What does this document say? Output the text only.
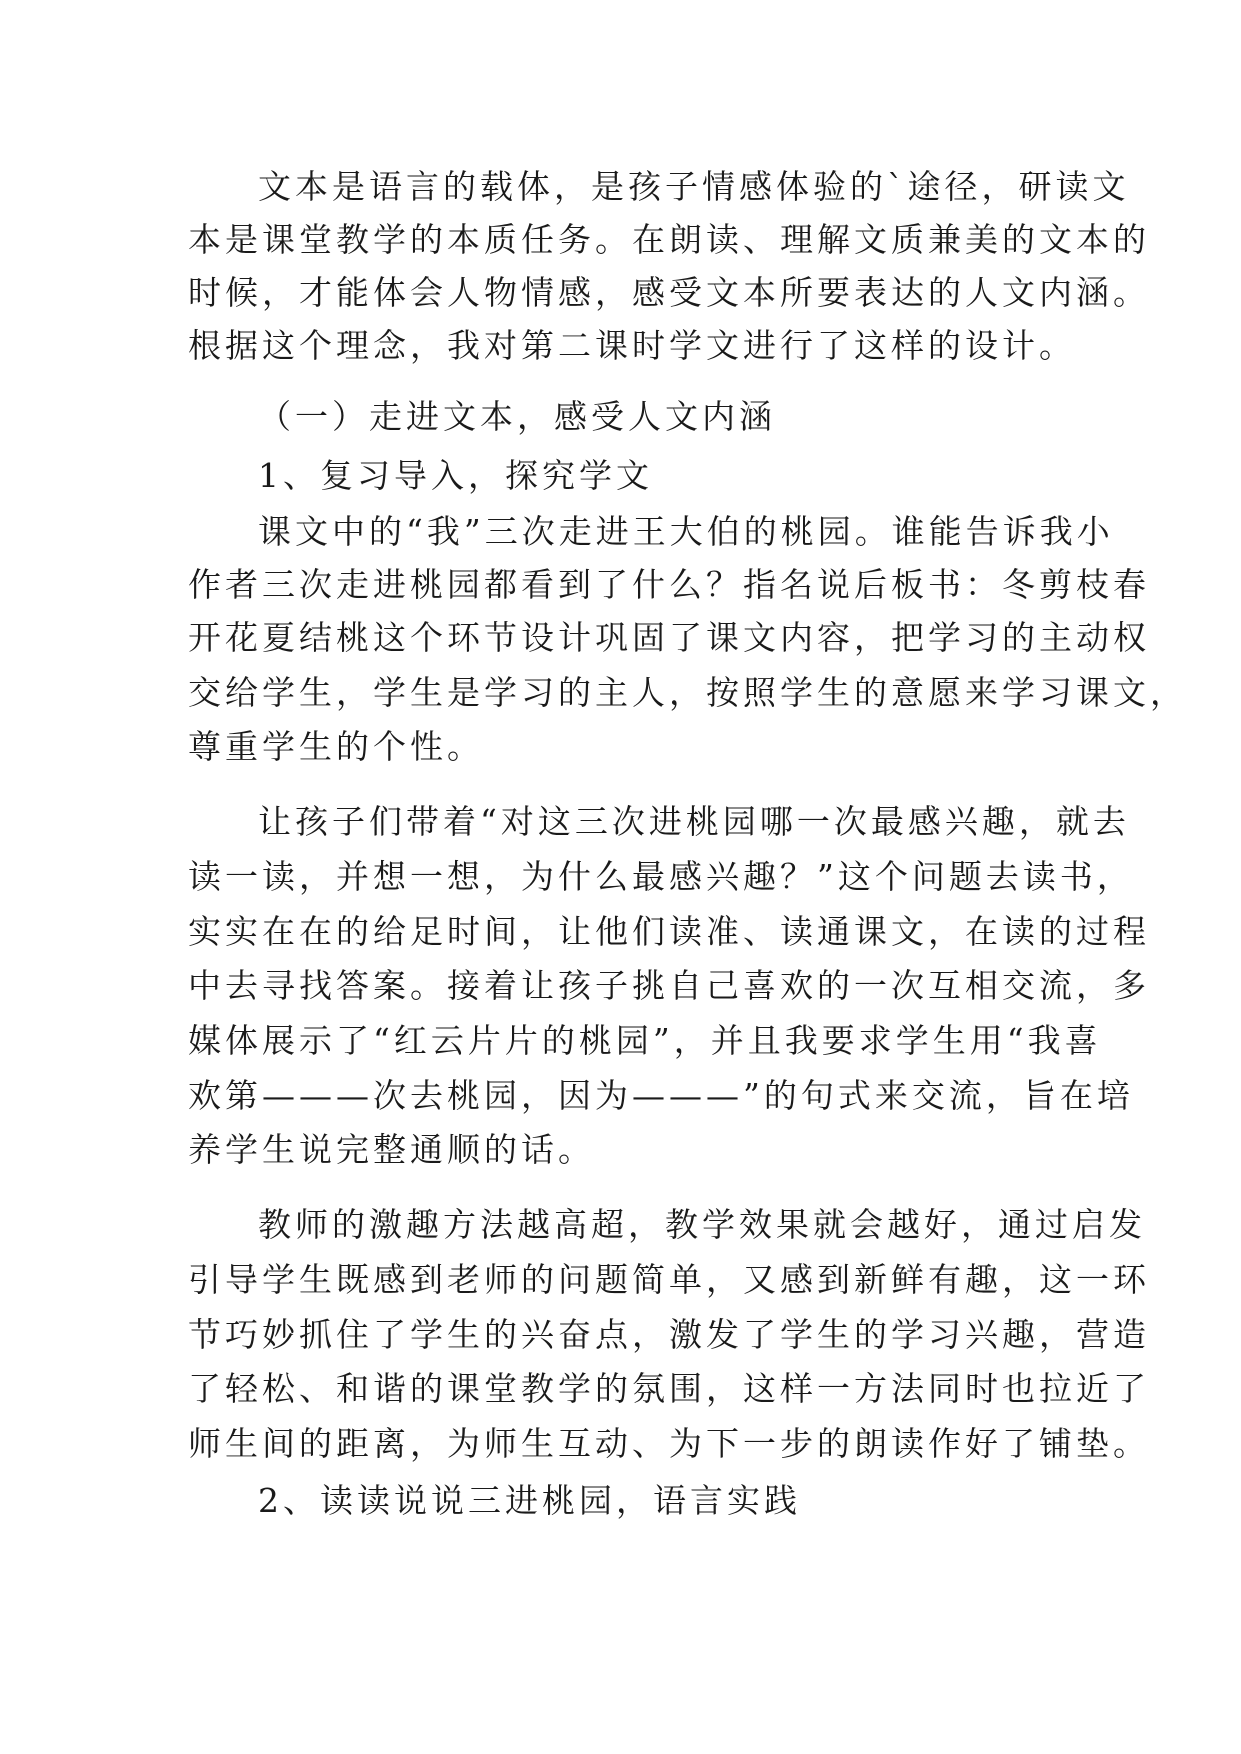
文本是语言的载体，是孩子情感体验的`途径，研读文
本是课堂教学的本质任务。在朗读、理解文质兼美的文本的
时候，才能体会人物情感，感受文本所要表达的人文内涵。
根据这个理念，我对第二课时学文进行了这样的设计。
（一）走进文本，感受人文内涵
1、复习导入，探究学文
课文中的“我”三次走进王大伯的桃园。谁能告诉我小
作者三次走进桃园都看到了什么？指名说后板书：冬剪枝春
开花夏结桃这个环节设计巩固了课文内容，把学习的主动权
交给学生，学生是学习的主人，按照学生的意愿来学习课文，
尊重学生的个性。
让孩子们带着“对这三次进桃园哪一次最感兴趣，就去
读一读，并想一想，为什么最感兴趣？”这个问题去读书，
实实在在的给足时间，让他们读准、读通课文，在读的过程
中去寻找答案。接着让孩子挑自己喜欢的一次互相交流，多
媒体展示了“红云片片的桃园”，并且我要求学生用“我喜
欢第———次去桃园，因为———”的句式来交流，旨在培
养学生说完整通顺的话。
教师的激趣方法越高超，教学效果就会越好，通过启发
引导学生既感到老师的问题简单，又感到新鲜有趣，这一环
节巧妙抓住了学生的兴奋点，激发了学生的学习兴趣，营造
了轻松、和谐的课堂教学的氛围，这样一方法同时也拉近了
师生间的距离，为师生互动、为下一步的朗读作好了铺垫。
2、读读说说三进桃园，语言实践
